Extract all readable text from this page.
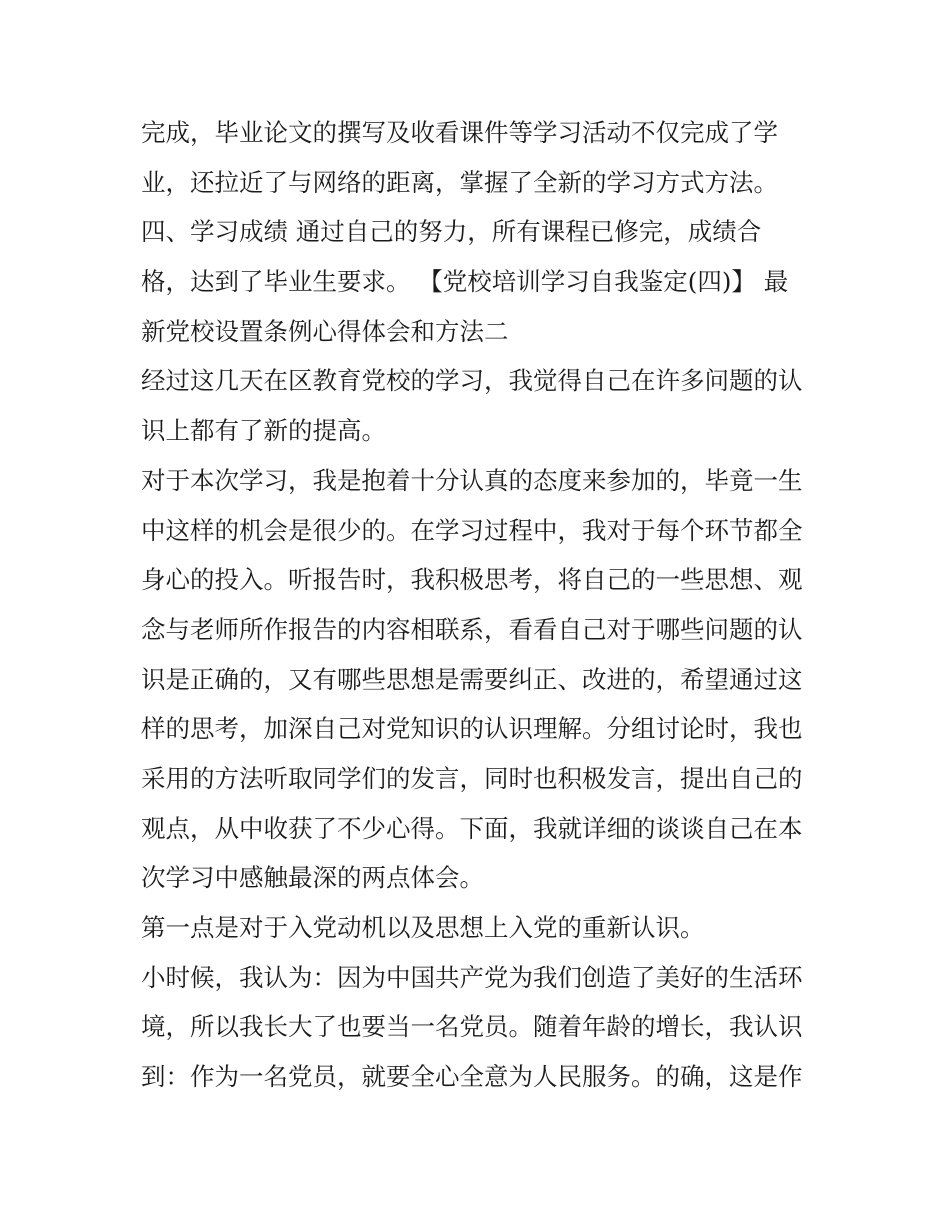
完成，毕业论文的撰写及收看课件等学习活动不仅完成了学
业，还拉近了与网络的距离，掌握了全新的学习方式方法。
四、学习成绩 通过自己的努力，所有课程已修完，成绩合
格，达到了毕业生要求。 【党校培训学习自我鉴定(四)】 最
新党校设置条例心得体会和方法二
经过这几天在区教育党校的学习，我觉得自己在许多问题的认
识上都有了新的提高。
对于本次学习，我是抱着十分认真的态度来参加的，毕竟一生
中这样的机会是很少的。在学习过程中，我对于每个环节都全
身心的投入。听报告时，我积极思考，将自己的一些思想、观
念与老师所作报告的内容相联系，看看自己对于哪些问题的认
识是正确的，又有哪些思想是需要纠正、改进的，希望通过这
样的思考，加深自己对党知识的认识理解。分组讨论时，我也
采用的方法听取同学们的发言，同时也积极发言，提出自己的
观点，从中收获了不少心得。下面，我就详细的谈谈自己在本
次学习中感触最深的两点体会。
第一点是对于入党动机以及思想上入党的重新认识。
小时候，我认为：因为中国共产党为我们创造了美好的生活环
境，所以我长大了也要当一名党员。随着年龄的增长，我认识
到：作为一名党员，就要全心全意为人民服务。的确，这是作
